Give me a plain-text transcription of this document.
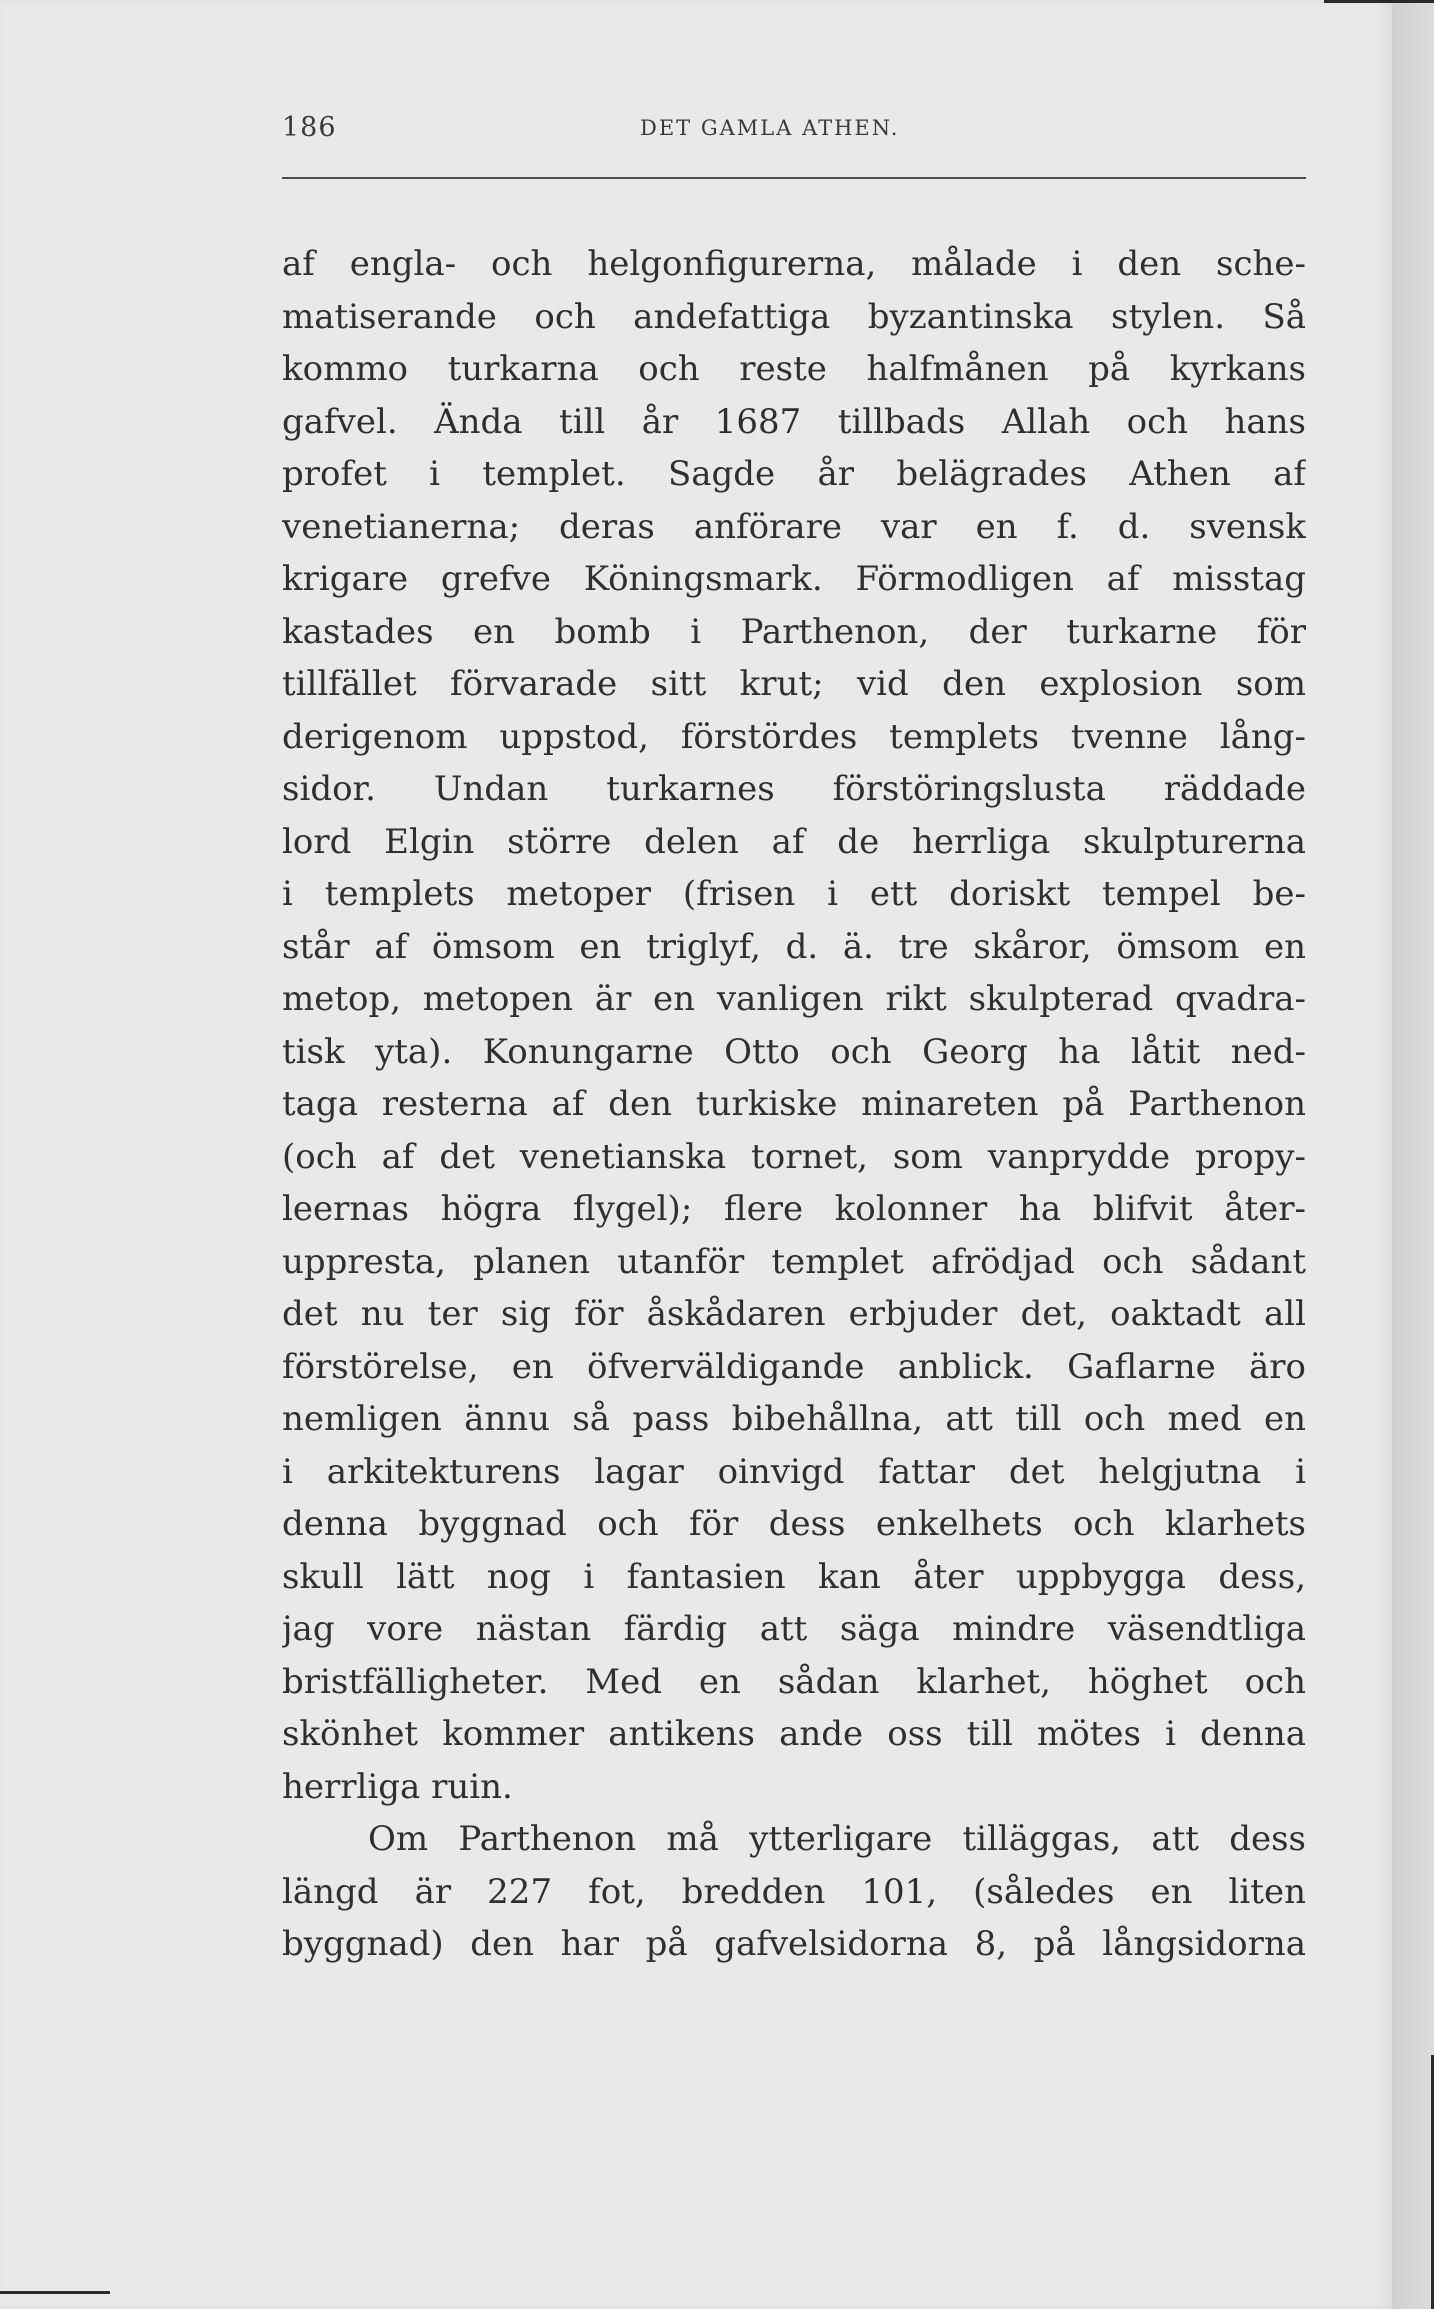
186	DET GAMLA ATHEN.
af engla- och helgonfigurerna, målade i den sche-
matiserande och andefattiga byzantinska stylen. Så
kommo turkarna och reste halfmånen på kyrkans
gafvel. Ända till år 1687 tillbads Allah och hans
profet i templet. Sagde år belägrades Athen af
venetianerna; deras anförare var en f. d. svensk
krigare grefve Köningsmark. Förmodligen af misstag
kastades en bomb i Parthenon, der turkarne för
tillfället förvarade sitt krut; vid den explosion som
derigenom uppstod, förstördes templets tvenne lång-
sidor. Undan turkarnes förstöringslusta räddade
lord Elgin större delen af de herrliga skulpturerna
i templets metoper (frisen i ett doriskt tempel be-
står af ömsom en triglyf, d. ä. tre skåror, ömsom en
metop, metopen är en vanligen rikt skulpterad qvadra-
tisk yta). Konungarne Otto och Georg ha låtit ned-
taga resterna af den turkiske minareten på Parthenon
(och af det venetianska tornet, som vanprydde propy-
leernas högra flygel); flere kolonner ha blifvit åter-
uppresta, planen utanför templet afrödjad och sådant
det nu ter sig för åskådaren erbjuder det, oaktadt all
förstörelse, en öfverväldigande anblick. Gaflarne äro
nemligen ännu så pass bibehållna, att till och med en
i arkitekturens lagar oinvigd fattar det helgjutna i
denna byggnad och för dess enkelhets och klarhets
skull lätt nog i fantasien kan åter uppbygga dess,
jag vore nästan färdig att säga mindre väsendtliga
bristfälligheter. Med en sådan klarhet, höghet och
skönhet kommer antikens ande oss till mötes i denna
herrliga ruin.
Om Parthenon må ytterligare tilläggas, att dess
längd är 227 fot, bredden 101, (således en liten
byggnad) den har på gafvelsidorna 8, på långsidorna
